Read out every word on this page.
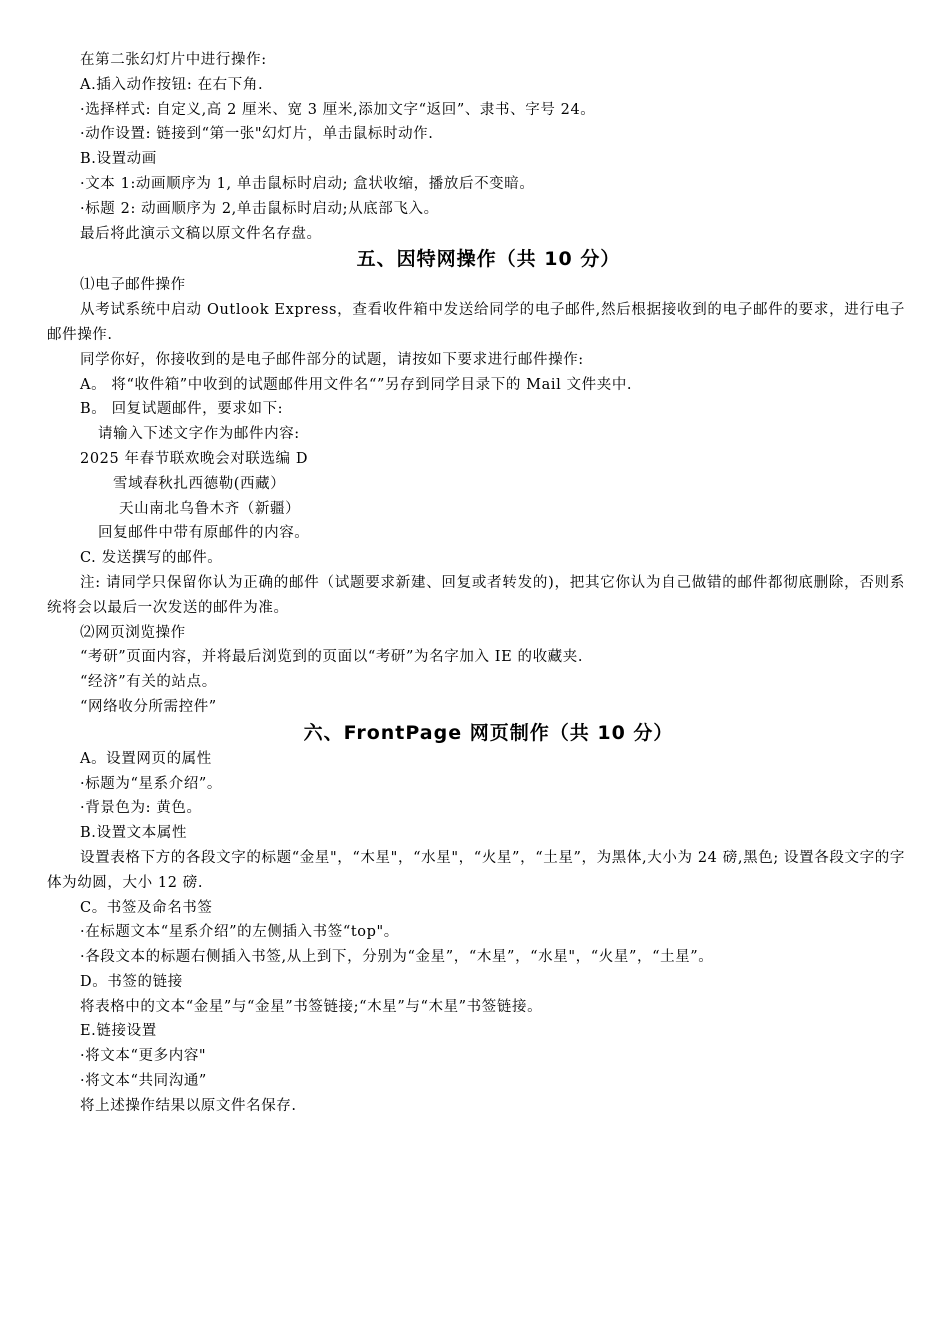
在第二张幻灯片中进行操作:
A.插入动作按钮: 在右下角.
·选择样式: 自定义,高 2 厘米、宽 3 厘米,添加文字“返回”、隶书、字号 24。
·动作设置: 链接到“第一张"幻灯片，单击鼠标时动作.
B.设置动画
·文本 1:动画顺序为 1, 单击鼠标时启动; 盒状收缩，播放后不变暗。
·标题 2: 动画顺序为 2,单击鼠标时启动;从底部飞入。
最后将此演示文稿以原文件名存盘。
五、因特网操作（共 10 分）
⑴电子邮件操作
从考试系统中启动 Outlook Express，查看收件箱中发送给同学的电子邮件,然后根据接收到的电子邮件的要求，进行电子邮件操作.
同学你好，你接收到的是电子邮件部分的试题，请按如下要求进行邮件操作:
A。 将“收件箱”中收到的试题邮件用文件名“”另存到同学目录下的 Mail 文件夹中.
B。 回复试题邮件，要求如下:
请输入下述文字作为邮件内容:
2025 年春节联欢晚会对联选编 D
雪域春秋扎西德勒(西藏）
天山南北乌鲁木齐（新疆）
回复邮件中带有原邮件的内容。
C. 发送撰写的邮件。
注: 请同学只保留你认为正确的邮件（试题要求新建、回复或者转发的)，把其它你认为自己做错的邮件都彻底删除，否则系统将会以最后一次发送的邮件为准。
⑵网页浏览操作
“考研”页面内容，并将最后浏览到的页面以“考研”为名字加入 IE 的收藏夹.
“经济”有关的站点。
“网络收分所需控件”
六、FrontPage 网页制作（共 10 分）
A。设置网页的属性
·标题为“星系介绍”。
·背景色为: 黄色。
B.设置文本属性
设置表格下方的各段文字的标题“金星"，“木星"，“水星"，“火星”，“土星”，为黑体,大小为 24 磅,黑色; 设置各段文字的字体为幼圆，大小 12 磅.
C。书签及命名书签
·在标题文本“星系介绍”的左侧插入书签“top"。
·各段文本的标题右侧插入书签,从上到下，分别为“金星”，“木星”，“水星"，“火星”，“土星”。
D。书签的链接
将表格中的文本“金星”与“金星”书签链接;“木星”与“木星”书签链接。
E.链接设置
·将文本“更多内容"
·将文本“共同沟通”
将上述操作结果以原文件名保存.
